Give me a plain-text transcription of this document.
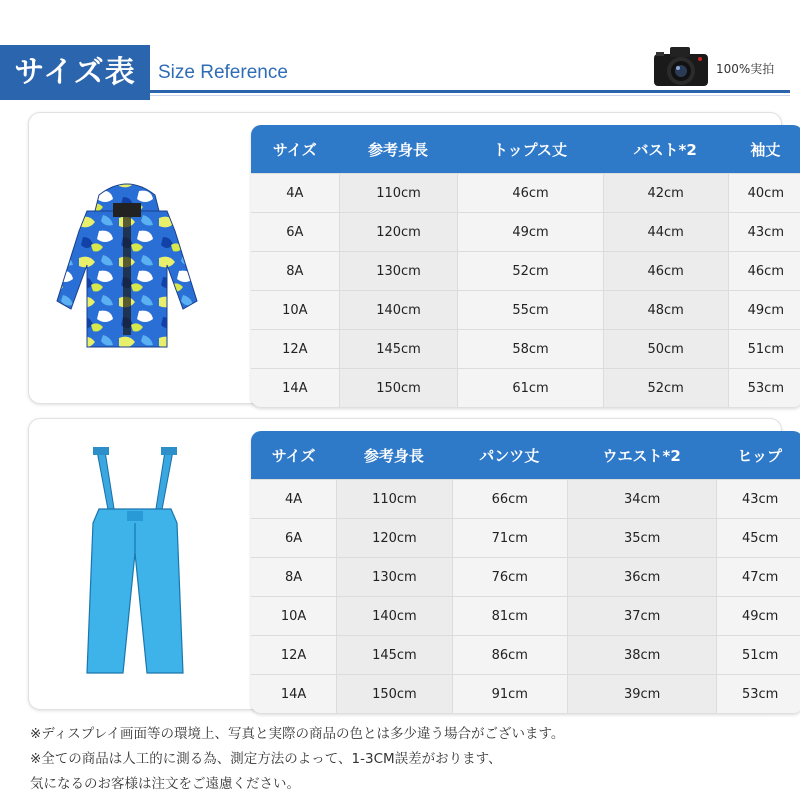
サイズ表	Size Reference	100%実拍
サイズ	参考身長	トップス丈	バスト*2	袖丈
4A	110cm	46cm	42cm	40cm
6A	120cm	49cm	44cm	43cm
8A	130cm	52cm	46cm	46cm
10A	140cm	55cm	48cm	49cm
12A	145cm	58cm	50cm	51cm
14A	150cm	61cm	52cm	53cm
サイズ	参考身長	パンツ丈	ウエスト*2	ヒップ
4A	110cm	66cm	34cm	43cm
6A	120cm	71cm	35cm	45cm
8A	130cm	76cm	36cm	47cm
10A	140cm	81cm	37cm	49cm
12A	145cm	86cm	38cm	51cm
14A	150cm	91cm	39cm	53cm
※ディスプレイ画面等の環境上、写真と実際の商品の色とは多少違う場合がございます。
※全ての商品は人工的に測る為、測定方法のよって、1-3CM誤差がおります、
気になるのお客様は注文をご遠慮ください。
